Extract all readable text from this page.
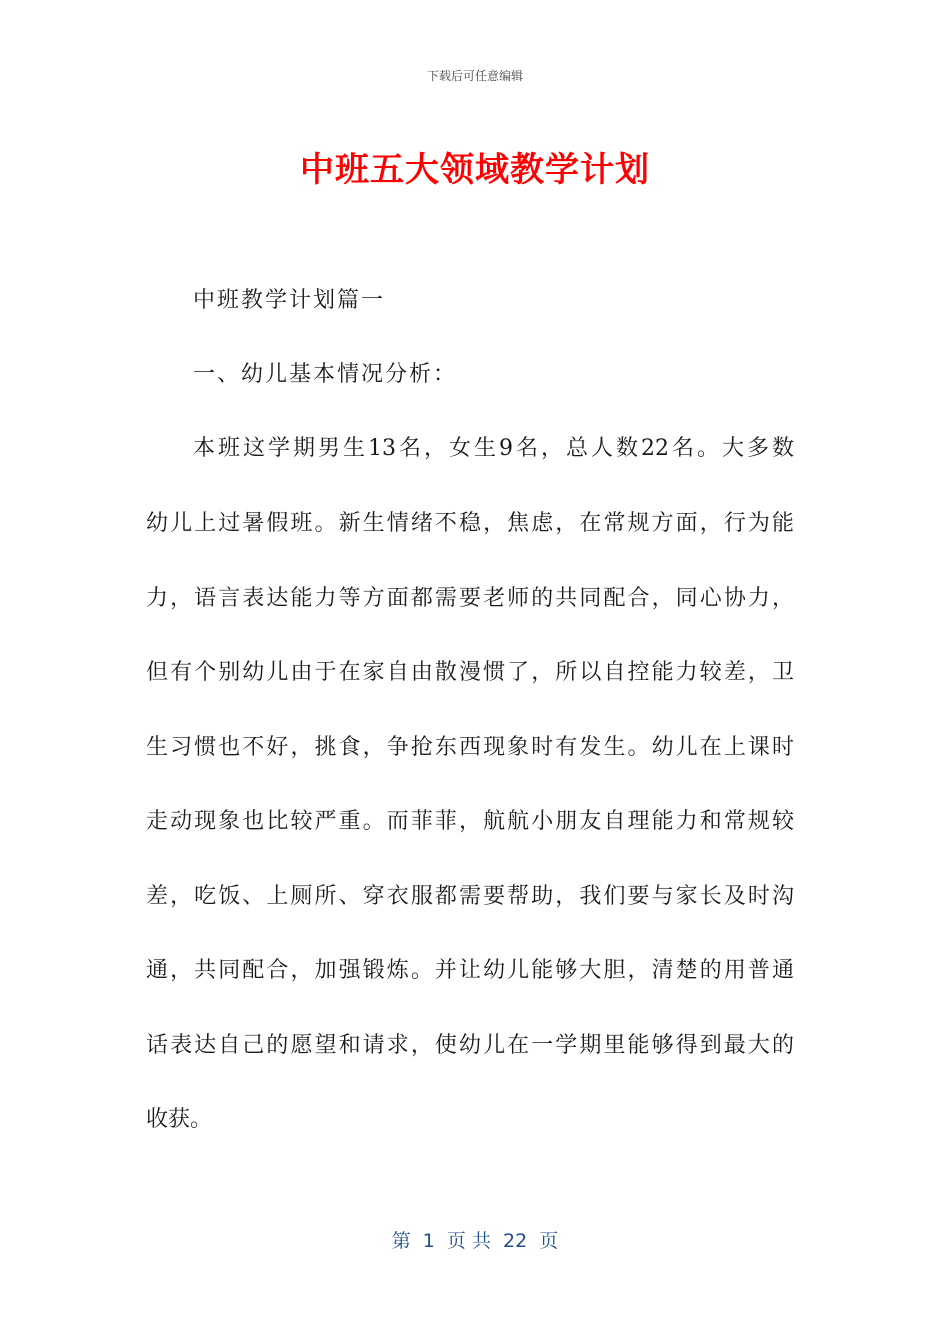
下载后可任意编辑
中班五大领域教学计划
中班教学计划篇一
一、幼儿基本情况分析：
本班这学期男生13名，女生9名，总人数22名。大多数
幼儿上过暑假班。新生情绪不稳，焦虑，在常规方面，行为能
力，语言表达能力等方面都需要老师的共同配合，同心协力，
但有个别幼儿由于在家自由散漫惯了，所以自控能力较差，卫
生习惯也不好，挑食，争抢东西现象时有发生。幼儿在上课时
走动现象也比较严重。而菲菲，航航小朋友自理能力和常规较
差，吃饭、上厕所、穿衣服都需要帮助，我们要与家长及时沟
通，共同配合，加强锻炼。并让幼儿能够大胆，清楚的用普通
话表达自己的愿望和请求，使幼儿在一学期里能够得到最大的
收获。
第  1  页 共  22  页
